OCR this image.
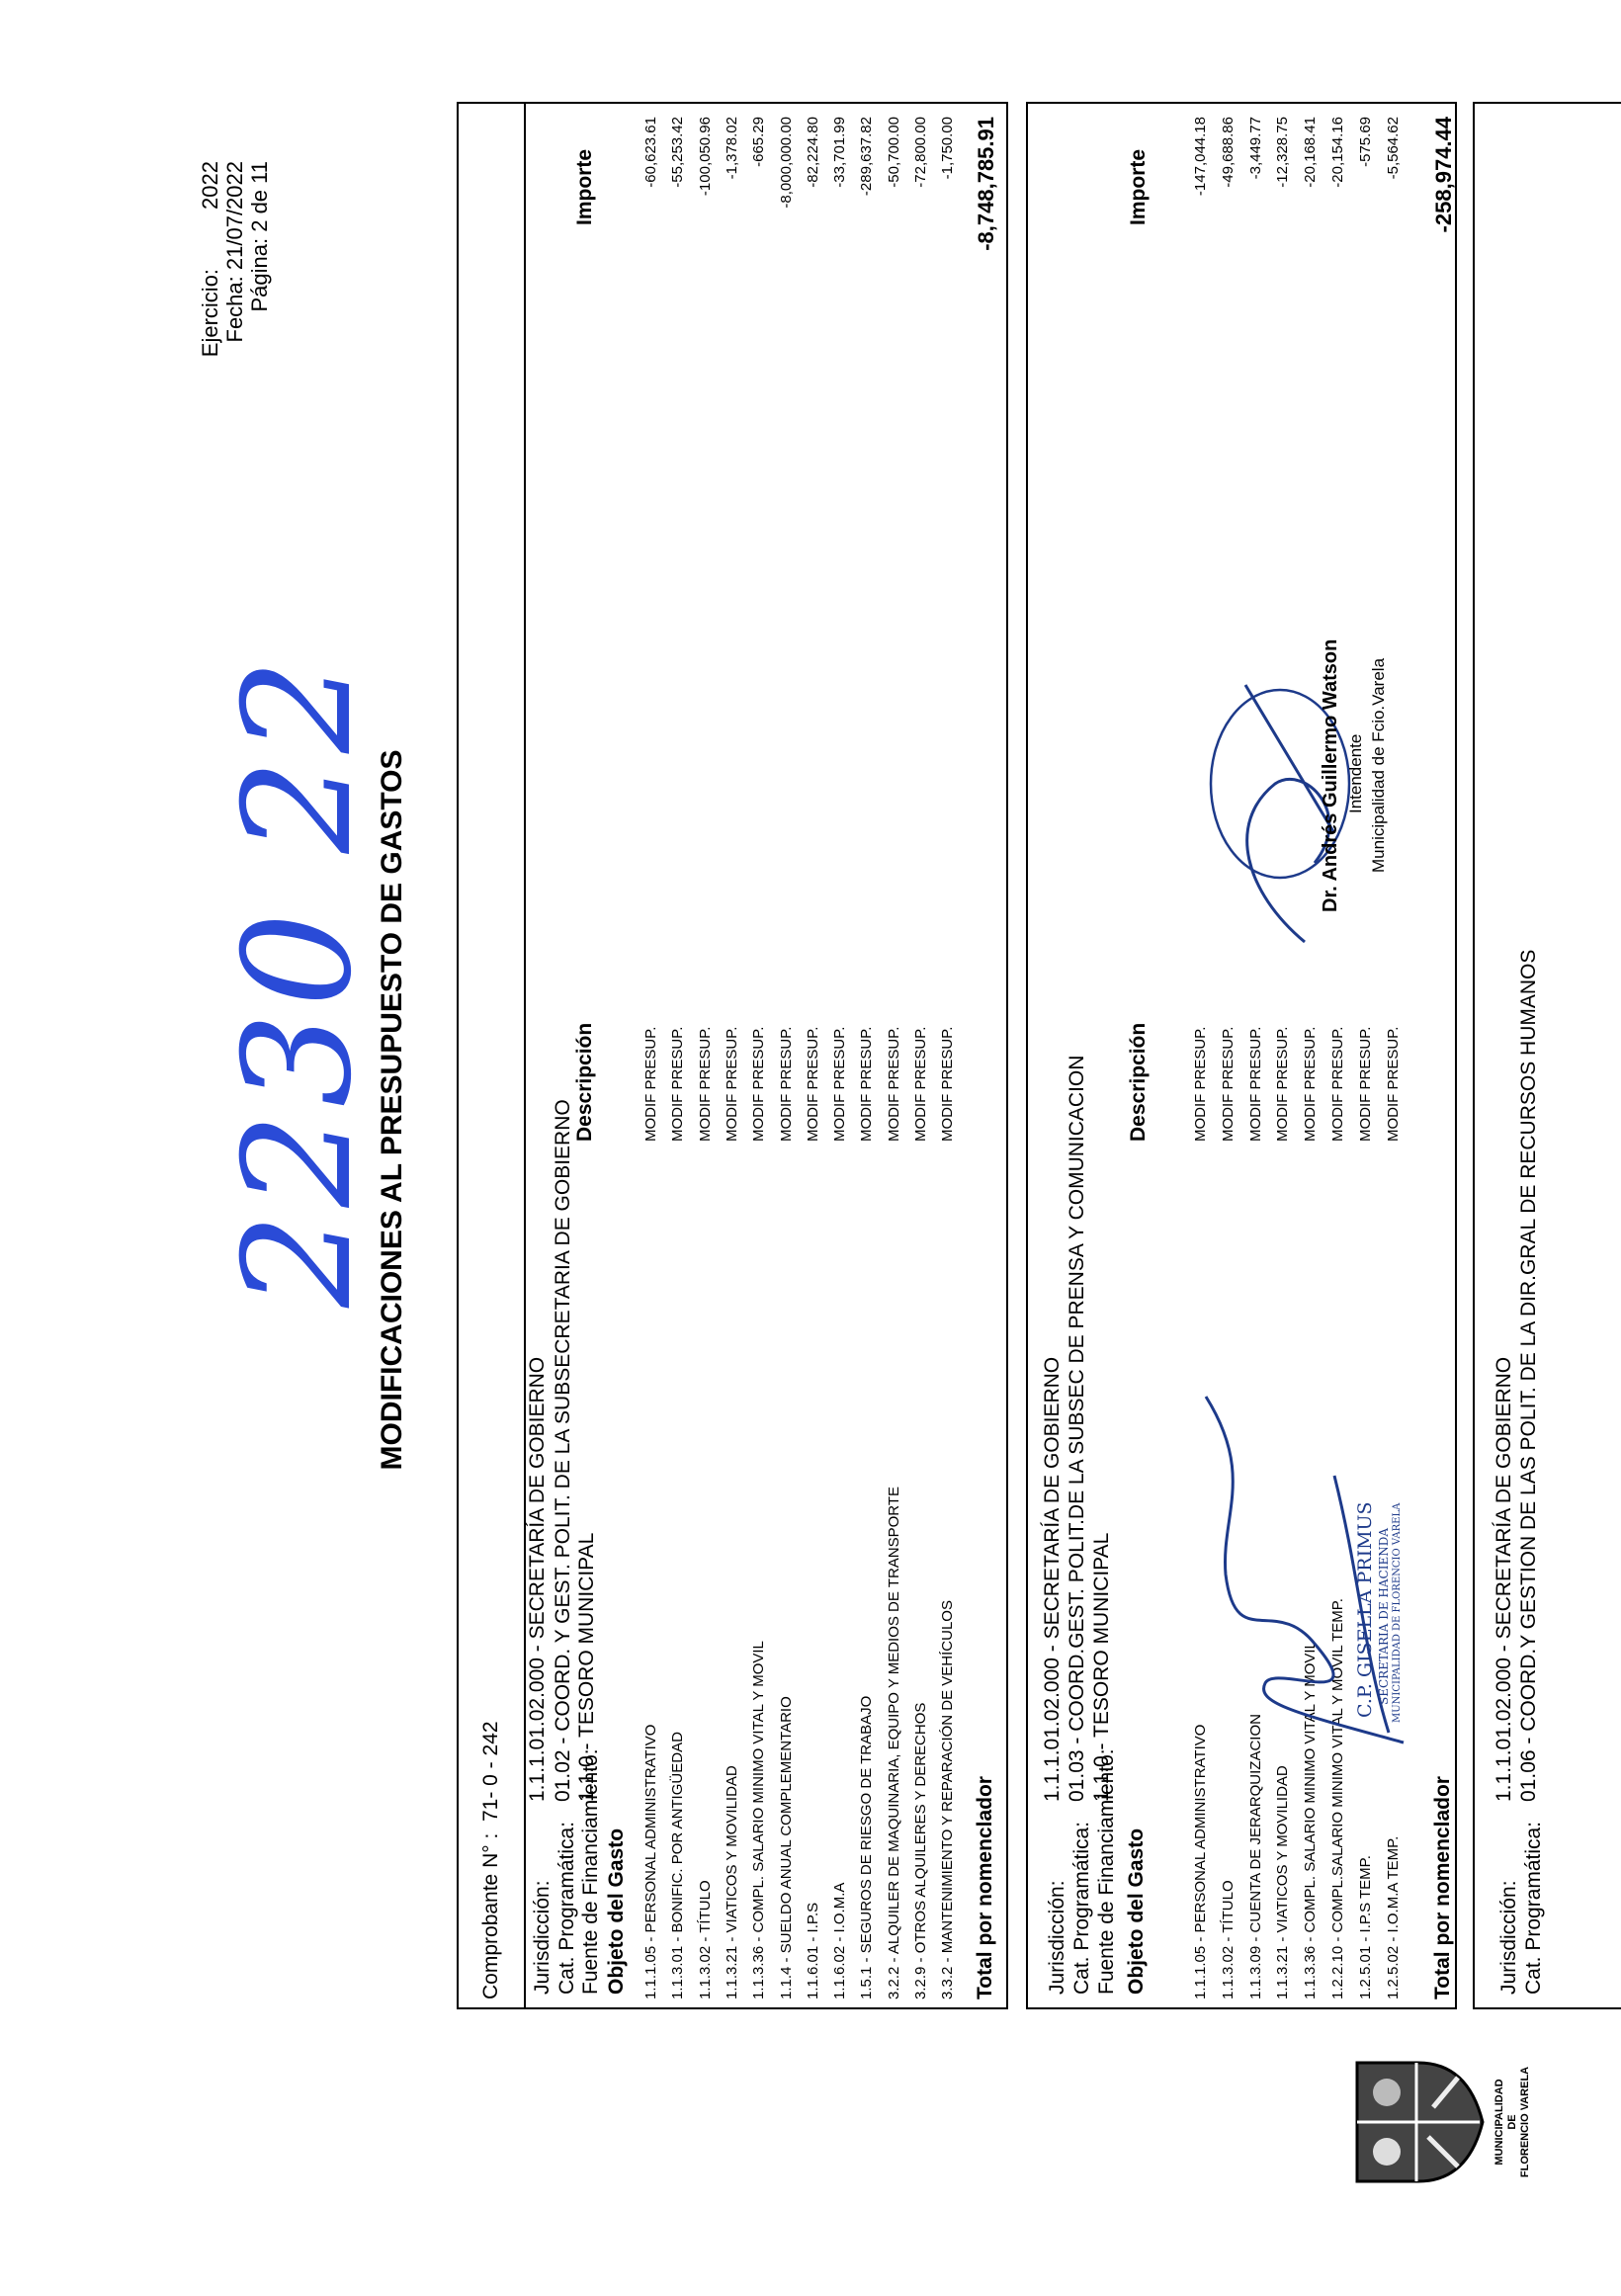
MUNICIPALIDAD DE FLORENCIO VARELA
MODIFICACIONES AL PRESUPUESTO DE GASTOS
2230 22
Ejercicio:2022
Fecha: 21/07/2022
Página: 2 de 11
Comprobante N° :  71- 0 - 242
Jurisdicción:
1.1.1.01.02.000 - SECRETARÍA DE GOBIERNO
Cat. Programática:
01.02 - COORD. Y GEST. POLIT. DE LA SUBSECRETARIA DE GOBIERNO
Fuente de Financiamiento:
1.1.0 - TESORO MUNICIPAL
Objeto del Gasto
Descripción
Importe
1.1.1.05 - PERSONAL ADMINISTRATIVO
MODIF PRESUP.
-60,623.61
1.1.3.01 - BONIFIC. POR ANTIGÜEDAD
MODIF PRESUP.
-55,253.42
1.1.3.02 - TÍTULO
MODIF PRESUP.
-100,050.96
1.1.3.21 - VIATICOS Y MOVILIDAD
MODIF PRESUP.
-1,378.02
1.1.3.36 - COMPL. SALARIO MINIMO VITAL Y MOVIL
MODIF PRESUP.
-665.29
1.1.4 - SUELDO ANUAL COMPLEMENTARIO
MODIF PRESUP.
-8,000,000.00
1.1.6.01 - I.P.S
MODIF PRESUP.
-82,224.80
1.1.6.02 - I.O.M.A
MODIF PRESUP.
-33,701.99
1.5.1 - SEGUROS DE RIESGO DE TRABAJO
MODIF PRESUP.
-289,637.82
3.2.2 - ALQUILER DE MAQUINARIA, EQUIPO Y MEDIOS DE TRANSPORTE
MODIF PRESUP.
-50,700.00
3.2.9 - OTROS ALQUILERES Y DERECHOS
MODIF PRESUP.
-72,800.00
3.3.2 - MANTENIMIENTO Y REPARACIÓN DE VEHÍCULOS
MODIF PRESUP.
-1,750.00
Total por nomenclador
-8,748,785.91
Jurisdicción:
1.1.1.01.02.000 - SECRETARÍA DE GOBIERNO
Cat. Programática:
01.03 - COORD.GEST. POLIT.DE LA SUBSEC DE PRENSA Y COMUNICACION
Fuente de Financiamiento:
1.1.0 - TESORO MUNICIPAL
Objeto del Gasto
Descripción
Importe
1.1.1.05 - PERSONAL ADMINISTRATIVO
MODIF PRESUP.
-147,044.18
1.1.3.02 - TÍTULO
MODIF PRESUP.
-49,688.86
1.1.3.09 - CUENTA DE JERARQUIZACION
MODIF PRESUP.
-3,449.77
1.1.3.21 - VIATICOS Y MOVILIDAD
MODIF PRESUP.
-12,328.75
1.1.3.36 - COMPL. SALARIO MINIMO VITAL Y MOVIL
MODIF PRESUP.
-20,168.41
1.2.2.10 - COMPL.SALARIO MINIMO VITAL Y MOVIL TEMP.
MODIF PRESUP.
-20,154.16
1.2.5.01 - I.P.S TEMP.
MODIF PRESUP.
-575.69
1.2.5.02 - I.O.M.A TEMP.
MODIF PRESUP.
-5,564.62
Total por nomenclador
-258,974.44
Jurisdicción:
1.1.1.01.02.000 - SECRETARÍA DE GOBIERNO
Cat. Programática:
01.06 - COORD.Y GESTION DE LAS POLIT. DE LA DIR.GRAL DE RECURSOS HUMANOS
C.P. GISELLA PRIMUS SECRETARIA DE HACIENDA MUNICIPALIDAD DE FLORENCIO VARELA
Dr. Andrés Guillermo Watson Intendente Municipalidad de Fcio.Varela
